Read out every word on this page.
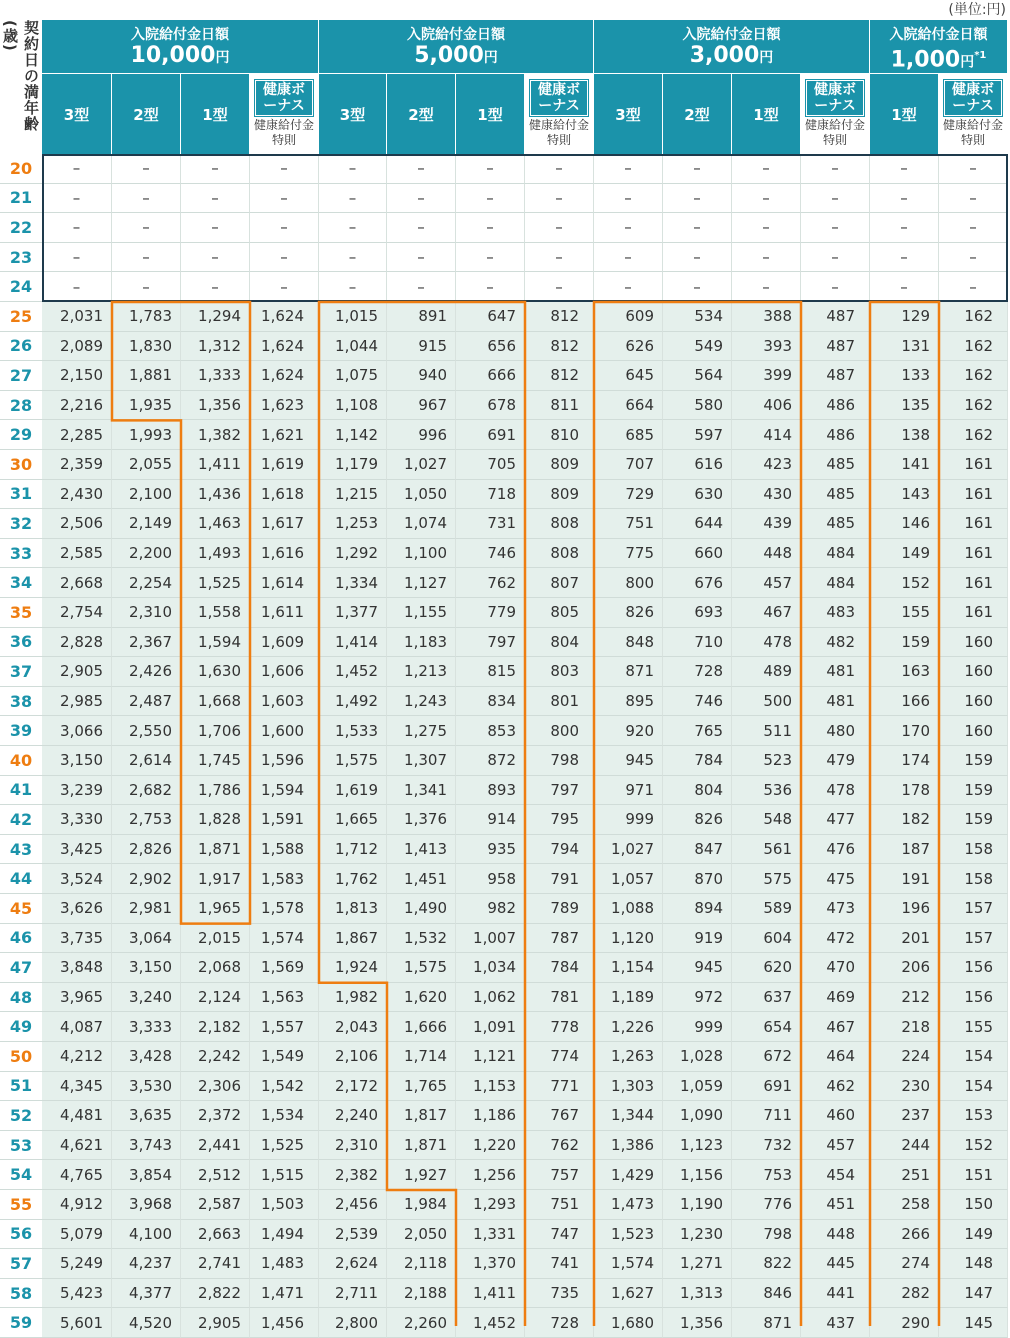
(単位:円)
契約日の満年齢(歳)	入院給付金日額
10,000円
3型	2型	1型
健康ボーナス
健康給付金特則
入院給付金日額
5,000円
3型	2型	1型
健康ボーナス
健康給付金特則
入院給付金日額
3,000円
3型	2型	1型
健康ボーナス
健康給付金特則
入院給付金日額
1,000円$^{*1}$
1型
健康ボーナス
健康給付金特則
20	–	–	–	–	–	–	–	–	–	–	–	–	–	–
21	–	–	–	–	–	–	–	–	–	–	–	–	–	–
22	–	–	–	–	–	–	–	–	–	–	–	–	–	–
23	–	–	–	–	–	–	–	–	–	–	–	–	–	–
24	–	–	–	–	–	–	–	–	–	–	–	–	–	–
25	2,031	1,783	1,294	1,624	1,015	891	647	812	609	534	388	487	129	162
26	2,089	1,830	1,312	1,624	1,044	915	656	812	626	549	393	487	131	162
27	2,150	1,881	1,333	1,624	1,075	940	666	812	645	564	399	487	133	162
28	2,216	1,935	1,356	1,623	1,108	967	678	811	664	580	406	486	135	162
29	2,285	1,993	1,382	1,621	1,142	996	691	810	685	597	414	486	138	162
30	2,359	2,055	1,411	1,619	1,179	1,027	705	809	707	616	423	485	141	161
31	2,430	2,100	1,436	1,618	1,215	1,050	718	809	729	630	430	485	143	161
32	2,506	2,149	1,463	1,617	1,253	1,074	731	808	751	644	439	485	146	161
33	2,585	2,200	1,493	1,616	1,292	1,100	746	808	775	660	448	484	149	161
34	2,668	2,254	1,525	1,614	1,334	1,127	762	807	800	676	457	484	152	161
35	2,754	2,310	1,558	1,611	1,377	1,155	779	805	826	693	467	483	155	161
36	2,828	2,367	1,594	1,609	1,414	1,183	797	804	848	710	478	482	159	160
37	2,905	2,426	1,630	1,606	1,452	1,213	815	803	871	728	489	481	163	160
38	2,985	2,487	1,668	1,603	1,492	1,243	834	801	895	746	500	481	166	160
39	3,066	2,550	1,706	1,600	1,533	1,275	853	800	920	765	511	480	170	160
40	3,150	2,614	1,745	1,596	1,575	1,307	872	798	945	784	523	479	174	159
41	3,239	2,682	1,786	1,594	1,619	1,341	893	797	971	804	536	478	178	159
42	3,330	2,753	1,828	1,591	1,665	1,376	914	795	999	826	548	477	182	159
43	3,425	2,826	1,871	1,588	1,712	1,413	935	794	1,027	847	561	476	187	158
44	3,524	2,902	1,917	1,583	1,762	1,451	958	791	1,057	870	575	475	191	158
45	3,626	2,981	1,965	1,578	1,813	1,490	982	789	1,088	894	589	473	196	157
46	3,735	3,064	2,015	1,574	1,867	1,532	1,007	787	1,120	919	604	472	201	157
47	3,848	3,150	2,068	1,569	1,924	1,575	1,034	784	1,154	945	620	470	206	156
48	3,965	3,240	2,124	1,563	1,982	1,620	1,062	781	1,189	972	637	469	212	156
49	4,087	3,333	2,182	1,557	2,043	1,666	1,091	778	1,226	999	654	467	218	155
50	4,212	3,428	2,242	1,549	2,106	1,714	1,121	774	1,263	1,028	672	464	224	154
51	4,345	3,530	2,306	1,542	2,172	1,765	1,153	771	1,303	1,059	691	462	230	154
52	4,481	3,635	2,372	1,534	2,240	1,817	1,186	767	1,344	1,090	711	460	237	153
53	4,621	3,743	2,441	1,525	2,310	1,871	1,220	762	1,386	1,123	732	457	244	152
54	4,765	3,854	2,512	1,515	2,382	1,927	1,256	757	1,429	1,156	753	454	251	151
55	4,912	3,968	2,587	1,503	2,456	1,984	1,293	751	1,473	1,190	776	451	258	150
56	5,079	4,100	2,663	1,494	2,539	2,050	1,331	747	1,523	1,230	798	448	266	149
57	5,249	4,237	2,741	1,483	2,624	2,118	1,370	741	1,574	1,271	822	445	274	148
58	5,423	4,377	2,822	1,471	2,711	2,188	1,411	735	1,627	1,313	846	441	282	147
59	5,601	4,520	2,905	1,456	2,800	2,260	1,452	728	1,680	1,356	871	437	290	145
